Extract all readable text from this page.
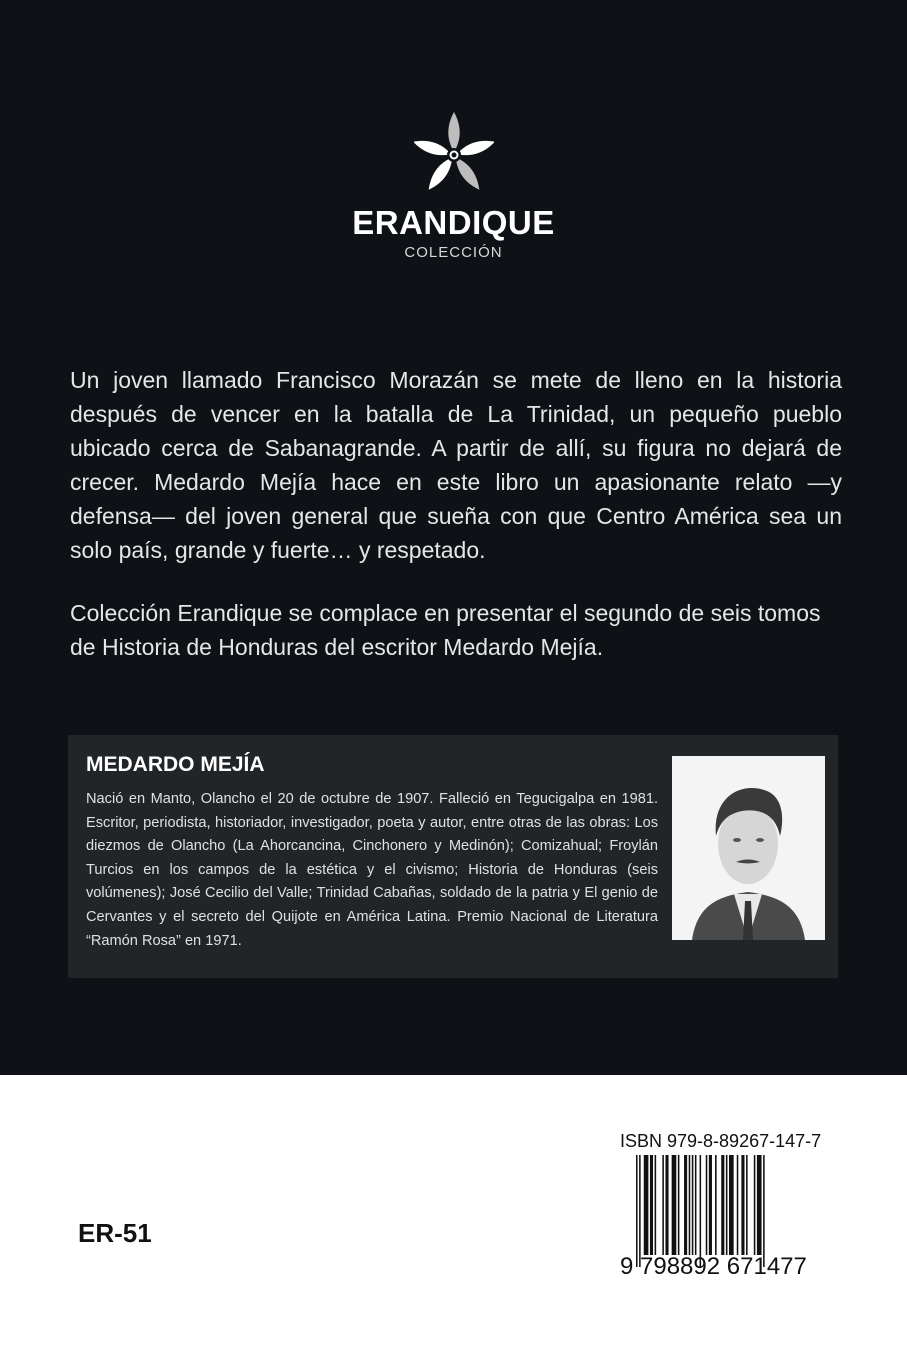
ERANDIQUE
COLECCIÓN

Un joven llamado Francisco Morazán se mete de lleno en la historia después de vencer en la batalla de La Trinidad, un pequeño pueblo ubicado cerca de Sabanagrande. A partir de allí, su figura no dejará de crecer. Medardo Mejía hace en este libro un apasionante relato —y defensa— del joven general que sueña con que Centro América sea un solo país, grande y fuerte… y respetado.

Colección Erandique se complace en presentar el segundo de seis tomos de Historia de Honduras del escritor Medardo Mejía.

MEDARDO MEJÍA

Nació en Manto, Olancho el 20 de octubre de 1907. Falleció en Tegucigalpa en 1981. Escritor, periodista, historiador, investigador, poeta y autor, entre otras de las obras: Los diezmos de Olancho (La Ahorcancina, Cinchonero y Medinón); Comizahual; Froylán Turcios en los campos de la estética y el civismo; Historia de Honduras (seis volúmenes); José Cecilio del Valle; Trinidad Cabañas, soldado de la patria y El genio de Cervantes y el secreto del Quijote en América Latina. Premio Nacional de Literatura “Ramón Rosa” en 1971.

ER-51
ISBN 979-8-89267-147-7
9 798892 671477
